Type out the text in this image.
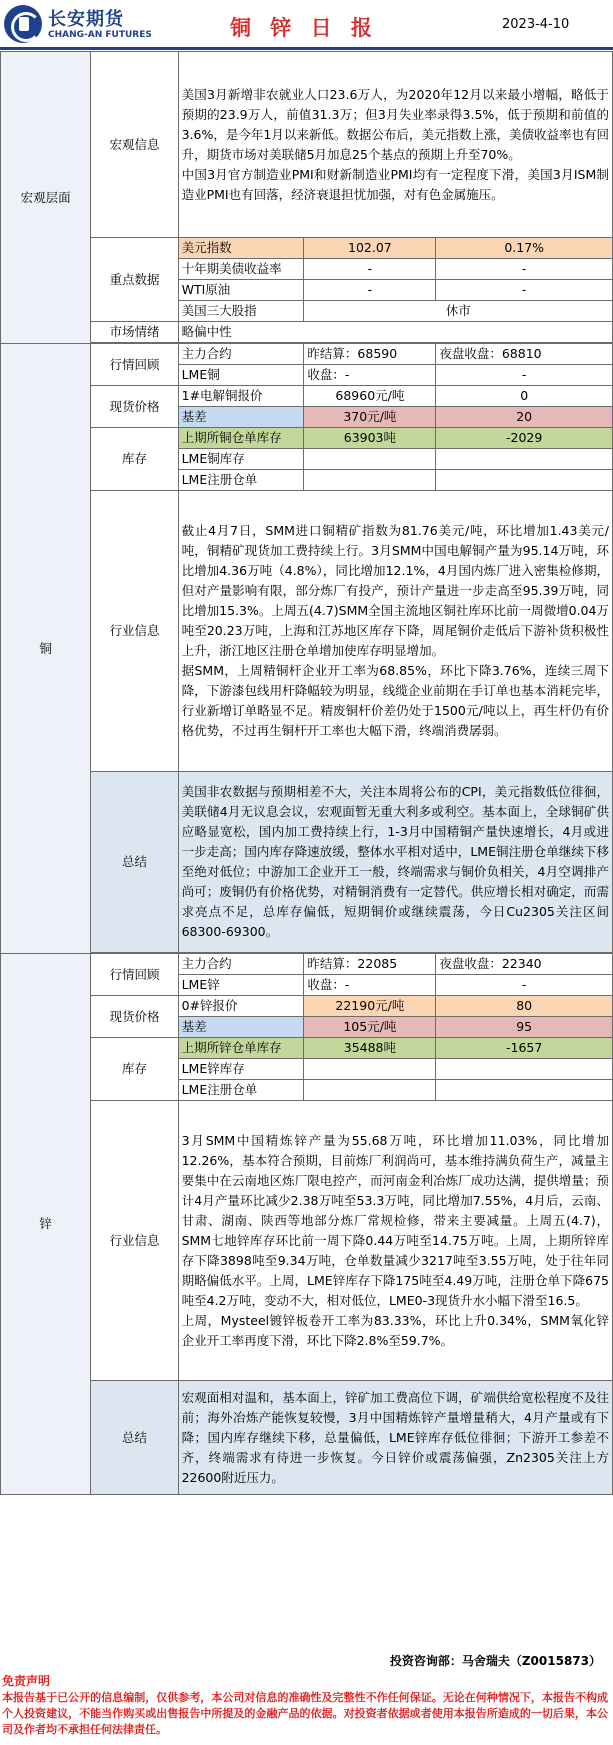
长安期货
CHANG-AN FUTURES	铜 锌 日 报	2023-4-10
宏观层面	宏观信息	美国3月新增非农就业人口23.6万人，为2020年12月以来最小增幅，略低于预期的23.9万人，前值31.3万；但3月失业率录得3.5%，低于预期和前值的3.6%，是今年1月以来新低。数据公布后，美元指数上涨，美债收益率也有回升，期货市场对美联储5月加息25个基点的预期上升至70%。
中国3月官方制造业PMI和财新制造业PMI均有一定程度下滑，美国3月ISM制造业PMI也有回落，经济衰退担忧加强，对有色金属施压。		
	重点数据	美元指数	102.07	0.17%
		十年期美债收益率	-	-
		WTI原油	-	-
		美国三大股指	休市	
	市场情绪	略偏中性		

铜	行情回顾	主力合约	昨结算：68590	夜盘收盘：68810
		LME铜	收盘：-	-
	现货价格	1#电解铜报价	68960元/吨	0
		基差	370元/吨	20
	库存	上期所铜仓单库存	63903吨	-2029
		LME铜库存		
		LME注册仓单		
	行业信息	截止4月7日，SMM进口铜精矿指数为81.76美元/吨，环比增加1.43美元/吨，铜精矿现货加工费持续上行。3月SMM中国电解铜产量为95.14万吨，环比增加4.36万吨（4.8%），同比增加12.1%，4月国内炼厂进入密集检修期，但对产量影响有限，部分炼厂有投产，预计产量进一步走高至95.39万吨，同比增加15.3%。上周五(4.7)SMM全国主流地区铜社库环比前一周微增0.04万吨至20.23万吨，上海和江苏地区库存下降，周尾铜价走低后下游补货积极性上升，浙江地区注册仓单增加使库存明显增加。
据SMM，上周精铜杆企业开工率为68.85%，环比下降3.76%，连续三周下降，下游漆包线用杆降幅较为明显，线缆企业前期在手订单也基本消耗完毕，行业新增订单略显不足。精废铜杆价差仍处于1500元/吨以上，再生杆仍有价格优势，不过再生铜杆开工率也大幅下滑，终端消费孱弱。		
	总结	美国非农数据与预期相差不大，关注本周将公布的CPI，美元指数低位徘徊，美联储4月无议息会议，宏观面暂无重大利多或利空。基本面上，全球铜矿供应略显宽松，国内加工费持续上行，1-3月中国精铜产量快速增长，4月或进一步走高；国内库存降速放缓，整体水平相对适中，LME铜注册仓单继续下移至绝对低位；中游加工企业开工一般，终端需求与铜价负相关，4月空调排产尚可；废铜仍有价格优势，对精铜消费有一定替代。供应增长相对确定，而需求亮点不足，总库存偏低，短期铜价或继续震荡，今日Cu2305关注区间68300-69300。		

锌	行情回顾	主力合约	昨结算：22085	夜盘收盘：22340
		LME锌	收盘：-	-
	现货价格	0#锌报价	22190元/吨	80
		基差	105元/吨	95
	库存	上期所锌仓单库存	35488吨	-1657
		LME锌库存		
		LME注册仓单		
	行业信息	3月SMM中国精炼锌产量为55.68万吨，环比增加11.03%，同比增加12.26%，基本符合预期，目前炼厂利润尚可，基本维持满负荷生产，减量主要集中在云南地区炼厂限电控产，而河南金利冶炼厂成功达满，提供增量；预计4月产量环比减少2.38万吨至53.3万吨，同比增加7.55%，4月后，云南、甘肃、湖南、陕西等地部分炼厂常规检修，带来主要减量。上周五(4.7)，SMM七地锌库存环比前一周下降0.44万吨至14.75万吨。上周，上期所锌库存下降3898吨至9.34万吨，仓单数量减少3217吨至3.55万吨，处于往年同期略偏低水平。上周，LME锌库存下降175吨至4.49万吨，注册仓单下降675吨至4.2万吨，变动不大，相对低位，LME0-3现货升水小幅下滑至16.5。
上周，Mysteel镀锌板卷开工率为83.33%，环比上升0.34%，SMM氧化锌企业开工率再度下滑，环比下降2.8%至59.7%。		
	总结	宏观面相对温和，基本面上，锌矿加工费高位下调，矿端供给宽松程度不及往前；海外冶炼产能恢复较慢，3月中国精炼锌产量增量稍大，4月产量或有下降；国内库存继续下移，总量偏低，LME锌库存低位徘徊；下游开工参差不齐，终端需求有待进一步恢复。今日锌价或震荡偏强，Zn2305关注上方22600附近压力。		
投资咨询部：马舍瑞夫（Z0015873）
免责声明
本报告基于已公开的信息编制，仅供参考，本公司对信息的准确性及完整性不作任何保证。无论在何种情况下，本报告不构成个人投资建议，不能当作购买或出售报告中所提及的金融产品的依据。对投资者依据或者使用本报告所造成的一切后果，本公司及作者均不承担任何法律责任。
